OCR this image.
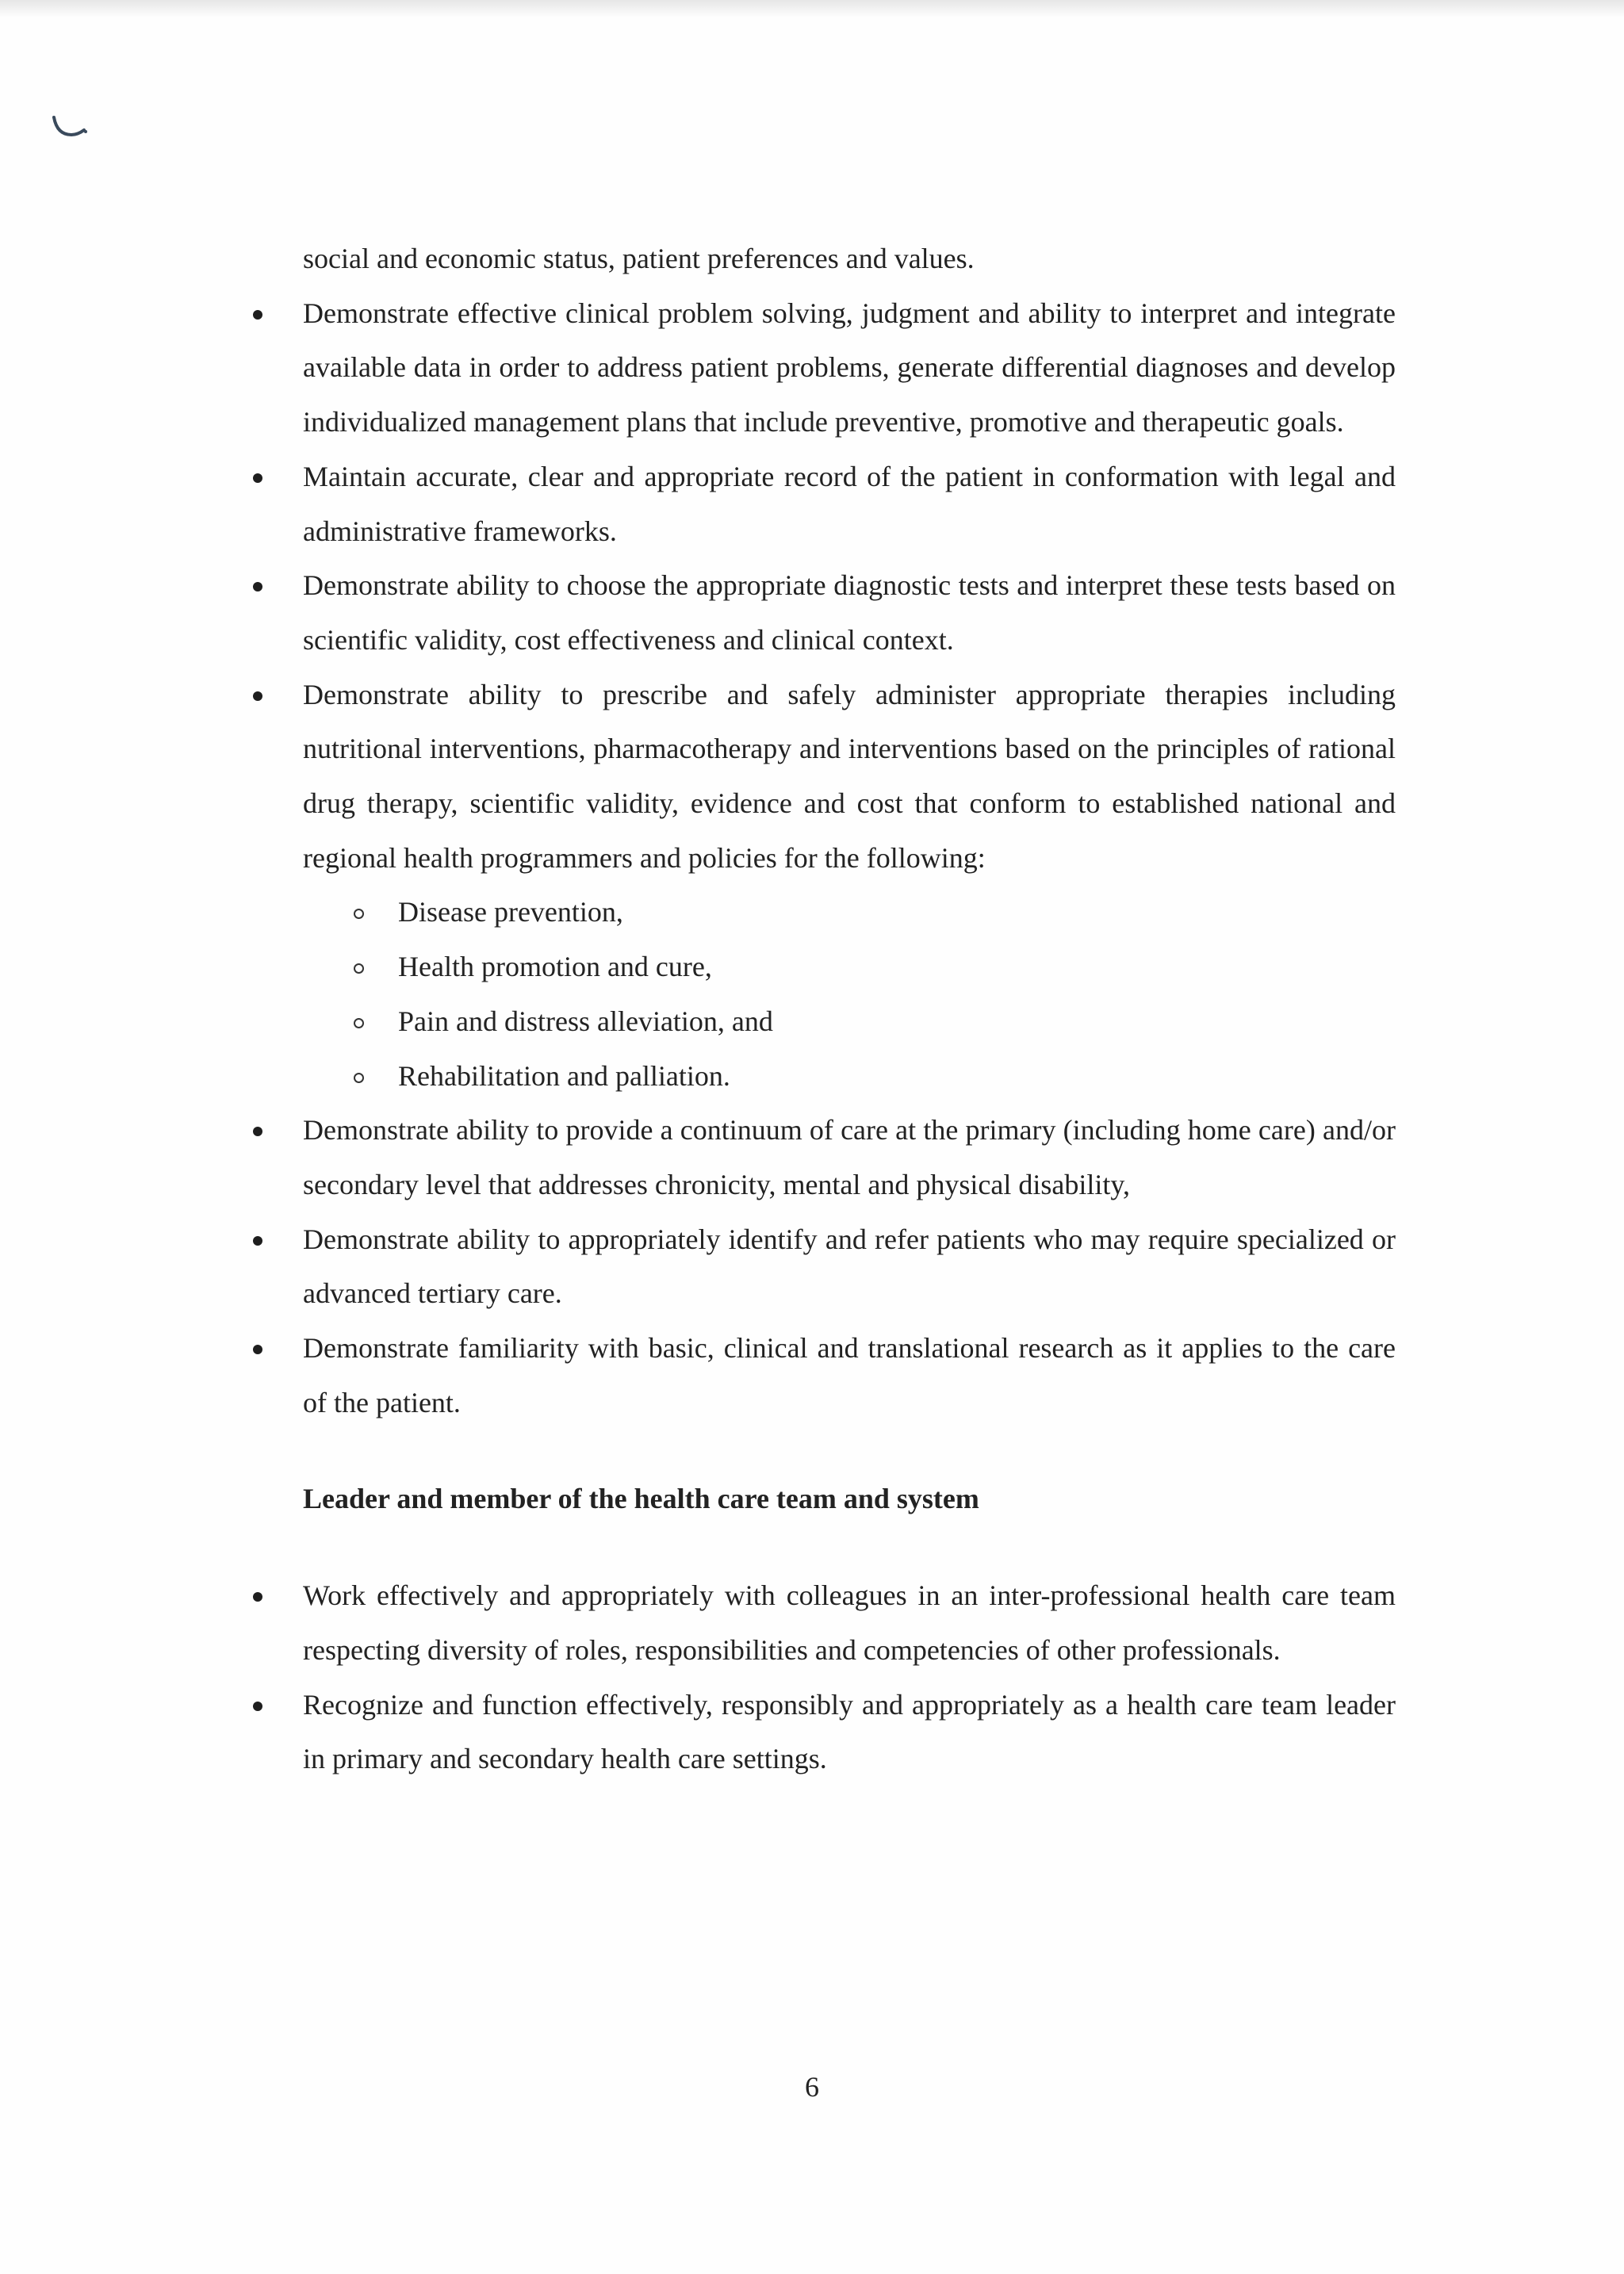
social and economic status, patient preferences and values.

Demonstrate effective clinical problem solving, judgment and ability to interpret and integrate available data in order to address patient problems, generate differential diagnoses and develop individualized management plans that include preventive, promotive and therapeutic goals.
Maintain accurate, clear and appropriate record of the patient in conformation with legal and administrative frameworks.
Demonstrate ability to choose the appropriate diagnostic tests and interpret these tests based on scientific validity, cost effectiveness and clinical context.
Demonstrate ability to prescribe and safely administer appropriate therapies including nutritional interventions, pharmacotherapy and interventions based on the principles of rational drug therapy, scientific validity, evidence and cost that conform to established national and regional health programmers and policies for the following:
Disease prevention,
Health promotion and cure,
Pain and distress alleviation, and
Rehabilitation and palliation.
Demonstrate ability to provide a continuum of care at the primary (including home care) and/or secondary level that addresses chronicity, mental and physical disability,
Demonstrate ability to appropriately identify and refer patients who may require specialized or advanced tertiary care.
Demonstrate familiarity with basic, clinical and translational research as it applies to the care of the patient.

Leader and member of the health care team and system

Work effectively and appropriately with colleagues in an inter-professional health care team respecting diversity of roles, responsibilities and competencies of other professionals.
Recognize and function effectively, responsibly and appropriately as a health care team leader in primary and secondary health care settings.
6
